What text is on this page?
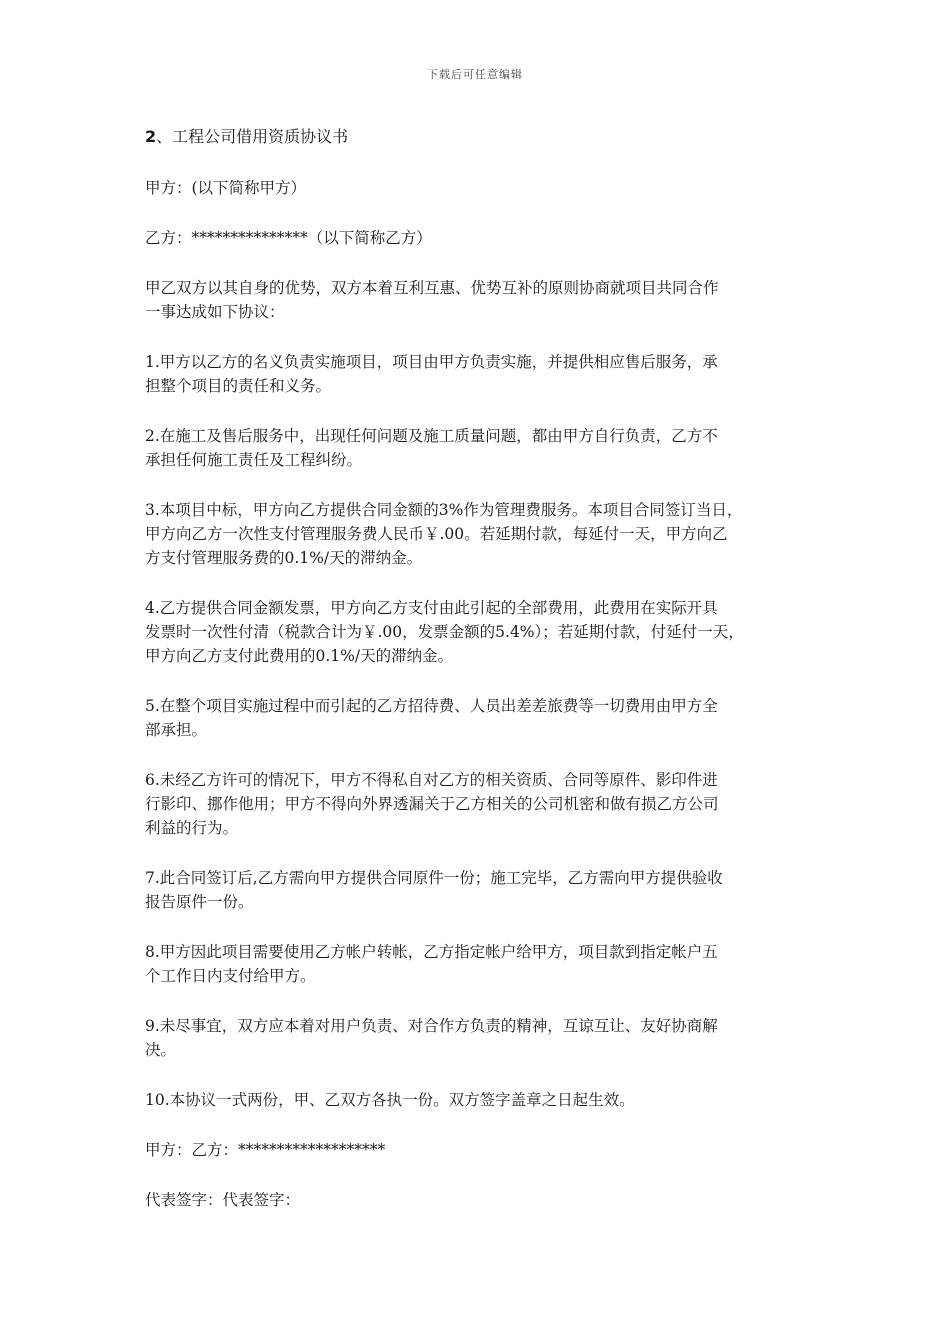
下载后可任意编辑
2、工程公司借用资质协议书
甲方：(以下简称甲方）
乙方：***************（以下简称乙方）
甲乙双方以其自身的优势，双方本着互利互惠、优势互补的原则协商就项目共同合作
一事达成如下协议：
1.甲方以乙方的名义负责实施项目，项目由甲方负责实施，并提供相应售后服务，承
担整个项目的责任和义务。
2.在施工及售后服务中，出现任何问题及施工质量问题，都由甲方自行负责，乙方不
承担任何施工责任及工程纠纷。
3.本项目中标，甲方向乙方提供合同金额的3%作为管理费服务。本项目合同签订当日，
甲方向乙方一次性支付管理服务费人民币￥.00。若延期付款，每延付一天，甲方向乙
方支付管理服务费的0.1%/天的滞纳金。
4.乙方提供合同金额发票，甲方向乙方支付由此引起的全部费用，此费用在实际开具
发票时一次性付清（税款合计为￥.00，发票金额的5.4%）；若延期付款，付延付一天，
甲方向乙方支付此费用的0.1%/天的滞纳金。
5.在整个项目实施过程中而引起的乙方招待费、人员出差差旅费等一切费用由甲方全
部承担。
6.未经乙方许可的情况下，甲方不得私自对乙方的相关资质、合同等原件、影印件进
行影印、挪作他用；甲方不得向外界透漏关于乙方相关的公司机密和做有损乙方公司
利益的行为。
7.此合同签订后,乙方需向甲方提供合同原件一份；施工完毕，乙方需向甲方提供验收
报告原件一份。
8.甲方因此项目需要使用乙方帐户转帐，乙方指定帐户给甲方，项目款到指定帐户五
个工作日内支付给甲方。
9.未尽事宜，双方应本着对用户负责、对合作方负责的精神，互谅互让、友好协商解
决。
10.本协议一式两份，甲、乙双方各执一份。双方签字盖章之日起生效。
甲方：乙方：*******************
代表签字：代表签字：
